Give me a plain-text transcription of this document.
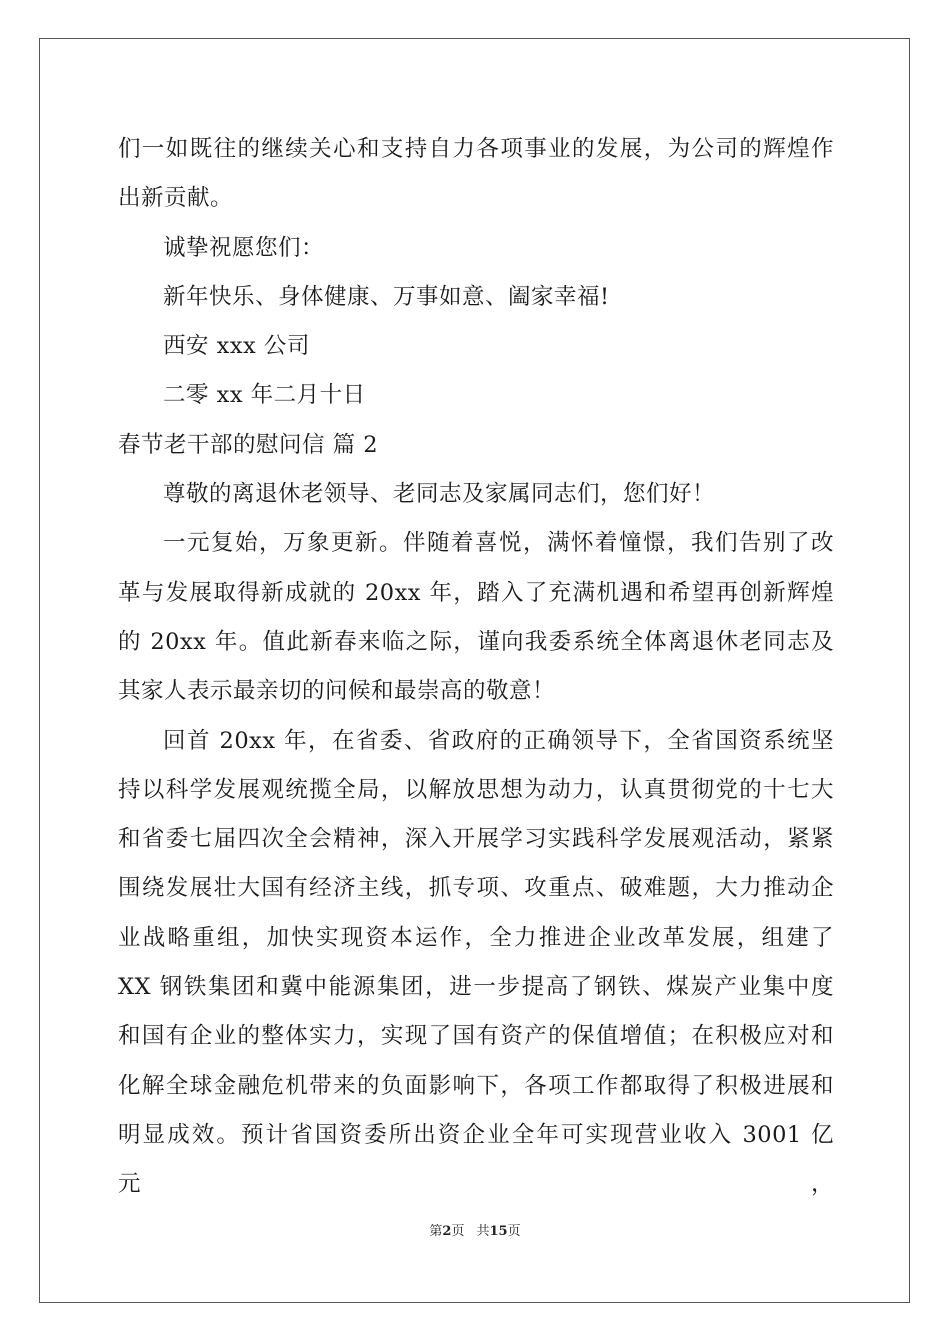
们一如既往的继续关心和支持自力各项事业的发展，为公司的辉煌作
出新贡献。
诚挚祝愿您们：
新年快乐、身体健康、万事如意、阖家幸福!
西安 xxx 公司
二零 xx 年二月十日
春节老干部的慰问信 篇 2
尊敬的离退休老领导、老同志及家属同志们，您们好！
一元复始，万象更新。伴随着喜悦，满怀着憧憬，我们告别了改
革与发展取得新成就的 20xx 年，踏入了充满机遇和希望再创新辉煌
的 20xx 年。值此新春来临之际，谨向我委系统全体离退休老同志及
其家人表示最亲切的问候和最崇高的敬意！
回首 20xx 年，在省委、省政府的正确领导下，全省国资系统坚
持以科学发展观统揽全局，以解放思想为动力，认真贯彻党的十七大
和省委七届四次全会精神，深入开展学习实践科学发展观活动，紧紧
围绕发展壮大国有经济主线，抓专项、攻重点、破难题，大力推动企
业战略重组，加快实现资本运作，全力推进企业改革发展，组建了
XX 钢铁集团和冀中能源集团，进一步提高了钢铁、煤炭产业集中度
和国有企业的整体实力，实现了国有资产的保值增值；在积极应对和
化解全球金融危机带来的负面影响下，各项工作都取得了积极进展和
明显成效。预计省国资委所出资企业全年可实现营业收入 3001 亿元，
第2页 共15页
